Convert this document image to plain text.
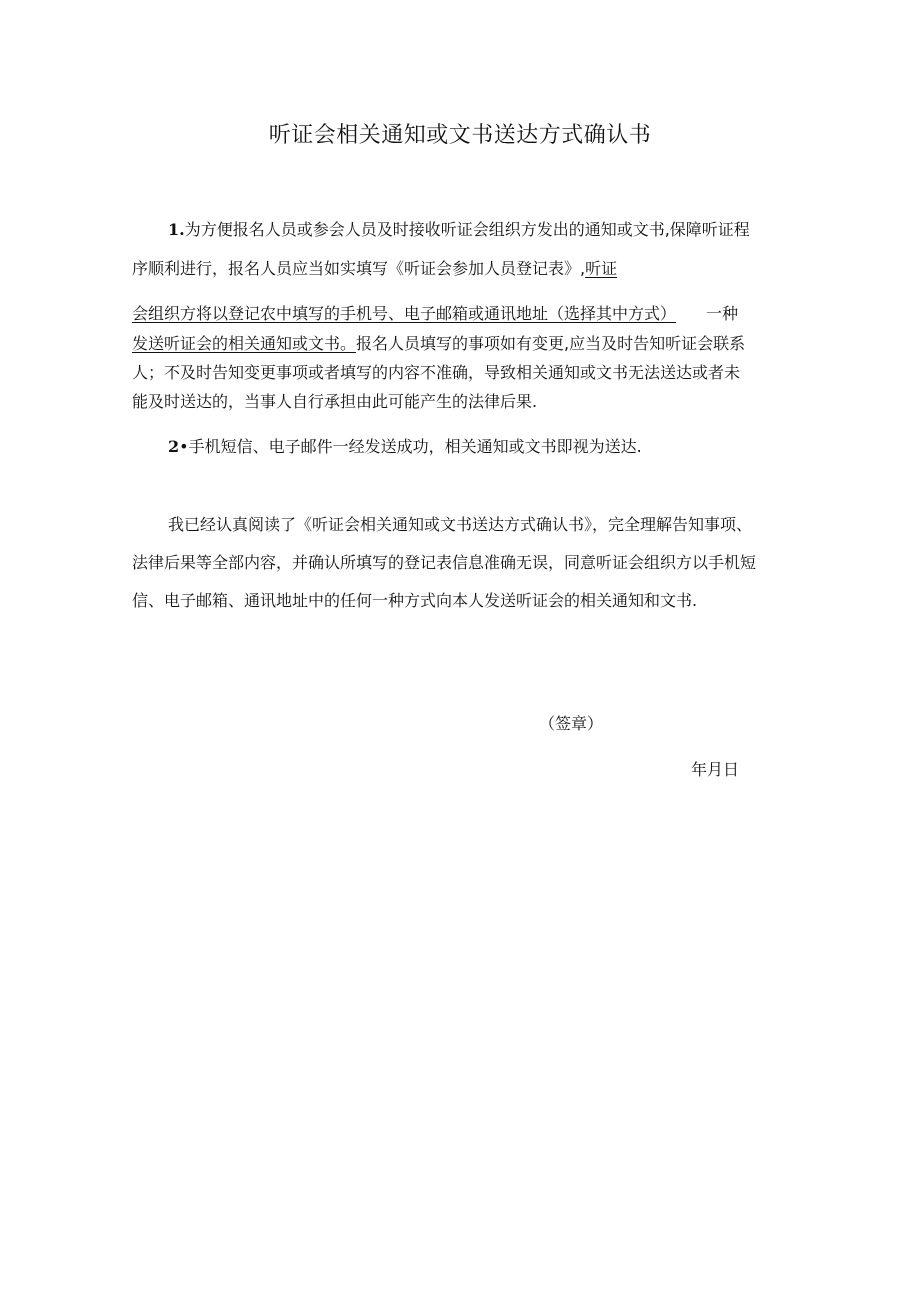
听证会相关通知或文书送达方式确认书
1.为方便报名人员或参会人员及时接收听证会组织方发出的通知或文书,保障听证程
序顺利进行，报名人员应当如实填写《听证会参加人员登记表》,听证
会组织方将以登记农中填写的手机号、电子邮箱或通讯地址（选择其中方式） 一种
发送听证会的相关通知或文书。报名人员填写的事项如有变更,应当及时告知听证会联系
人；不及时告知变更事项或者填写的内容不准确，导致相关通知或文书无法送达或者未
能及时送达的，当事人自行承担由此可能产生的法律后果.
2•手机短信、电子邮件一经发送成功，相关通知或文书即视为送达.
我已经认真阅读了《听证会相关通知或文书送达方式确认书》，完全理解告知事项、
法律后果等全部内容，并确认所填写的登记表信息准确无误，同意听证会组织方以手机短
信、电子邮箱、通讯地址中的任何一种方式向本人发送听证会的相关通知和文书.
（签章）
年月日
